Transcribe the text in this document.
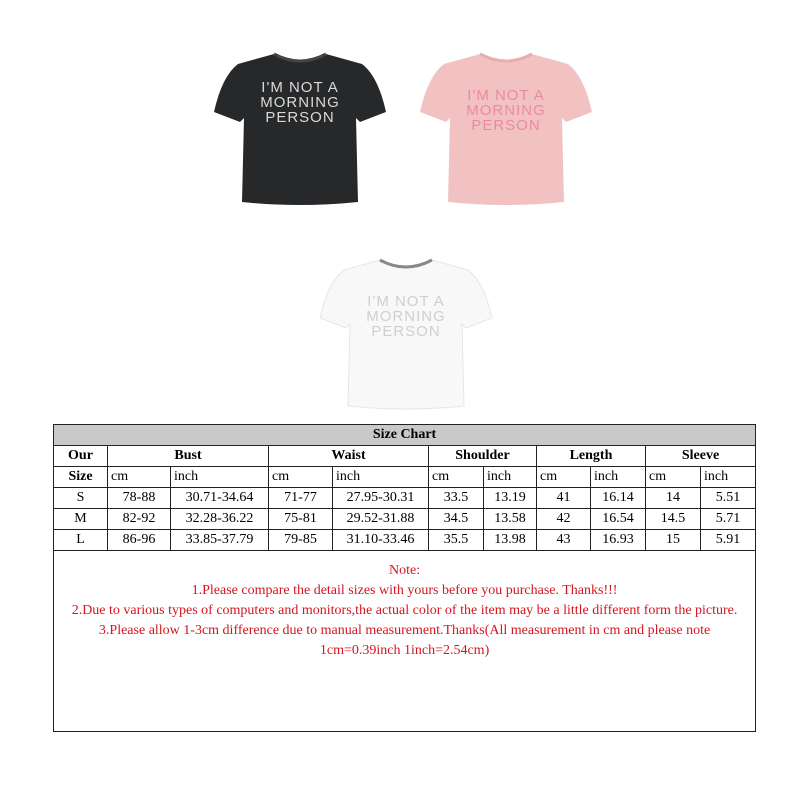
I'M NOT A
MORNING
PERSON
I'M NOT A
MORNING
PERSON
I'M NOT A
MORNING
PERSON
Size Chart										
Our	Bust		Waist		Shoulder		Length		Sleeve	
Size	cm	inch	cm	inch	cm	inch	cm	inch	cm	inch
S	78-88	30.71-34.64	71-77	27.95-30.31	33.5	13.19	41	16.14	14	5.51
M	82-92	32.28-36.22	75-81	29.52-31.88	34.5	13.58	42	16.54	14.5	5.71
L	86-96	33.85-37.79	79-85	31.10-33.46	35.5	13.98	43	16.93	15	5.91

Note:
1.Please compare the detail sizes with yours before you purchase. Thanks!!!
2.Due to various types of computers and monitors,the actual color of the item may be a little different form the picture.
3.Please allow 1-3cm difference due to manual measurement.Thanks(All measurement in cm and please note 1cm=0.39inch 1inch=2.54cm)										
